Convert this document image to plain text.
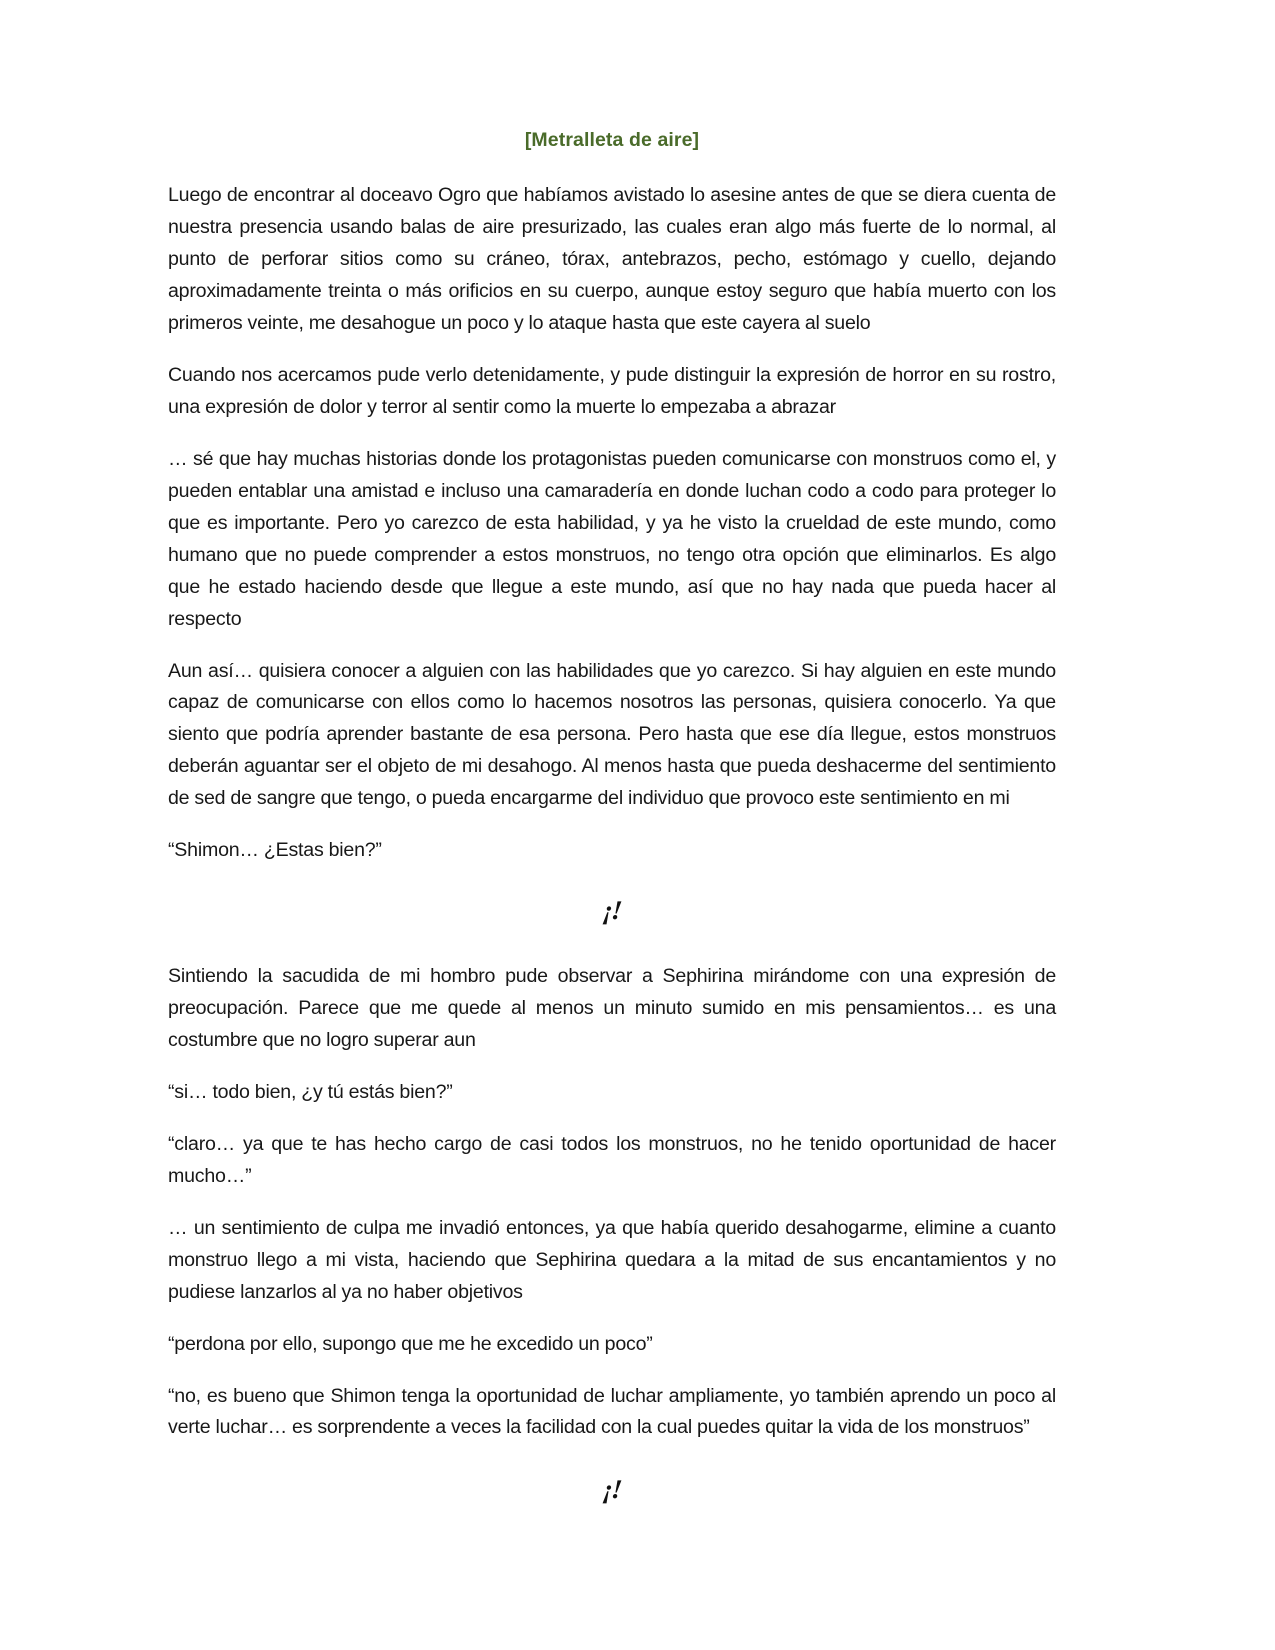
[Metralleta de aire]

Luego de encontrar al doceavo Ogro que habíamos avistado lo asesine antes de que se diera cuenta de nuestra presencia usando balas de aire presurizado, las cuales eran algo más fuerte de lo normal, al punto de perforar sitios como su cráneo, tórax, antebrazos, pecho, estómago y cuello, dejando aproximadamente treinta o más orificios en su cuerpo, aunque estoy seguro que había muerto con los primeros veinte, me desahogue un poco y lo ataque hasta que este cayera al suelo

Cuando nos acercamos pude verlo detenidamente, y pude distinguir la expresión de horror en su rostro, una expresión de dolor y terror al sentir como la muerte lo empezaba a abrazar

… sé que hay muchas historias donde los protagonistas pueden comunicarse con monstruos como el, y pueden entablar una amistad e incluso una camaradería en donde luchan codo a codo para proteger lo que es importante. Pero yo carezco de esta habilidad, y ya he visto la crueldad de este mundo, como humano que no puede comprender a estos monstruos, no tengo otra opción que eliminarlos. Es algo que he estado haciendo desde que llegue a este mundo, así que no hay nada que pueda hacer al respecto

Aun así… quisiera conocer a alguien con las habilidades que yo carezco. Si hay alguien en este mundo capaz de comunicarse con ellos como lo hacemos nosotros las personas, quisiera conocerlo. Ya que siento que podría aprender bastante de esa persona. Pero hasta que ese día llegue, estos monstruos deberán aguantar ser el objeto de mi desahogo. Al menos hasta que pueda deshacerme del sentimiento de sed de sangre que tengo, o pueda encargarme del individuo que provoco este sentimiento en mi

“Shimon… ¿Estas bien?”

¡!

Sintiendo la sacudida de mi hombro pude observar a Sephirina mirándome con una expresión de preocupación. Parece que me quede al menos un minuto sumido en mis pensamientos… es una costumbre que no logro superar aun

“si… todo bien, ¿y tú estás bien?”

“claro… ya que te has hecho cargo de casi todos los monstruos, no he tenido oportunidad de hacer mucho…”

… un sentimiento de culpa me invadió entonces, ya que había querido desahogarme, elimine a cuanto monstruo llego a mi vista, haciendo que Sephirina quedara a la mitad de sus encantamientos y no pudiese lanzarlos al ya no haber objetivos

“perdona por ello, supongo que me he excedido un poco”

“no, es bueno que Shimon tenga la oportunidad de luchar ampliamente, yo también aprendo un poco al verte luchar… es sorprendente a veces la facilidad con la cual puedes quitar la vida de los monstruos”

¡!
